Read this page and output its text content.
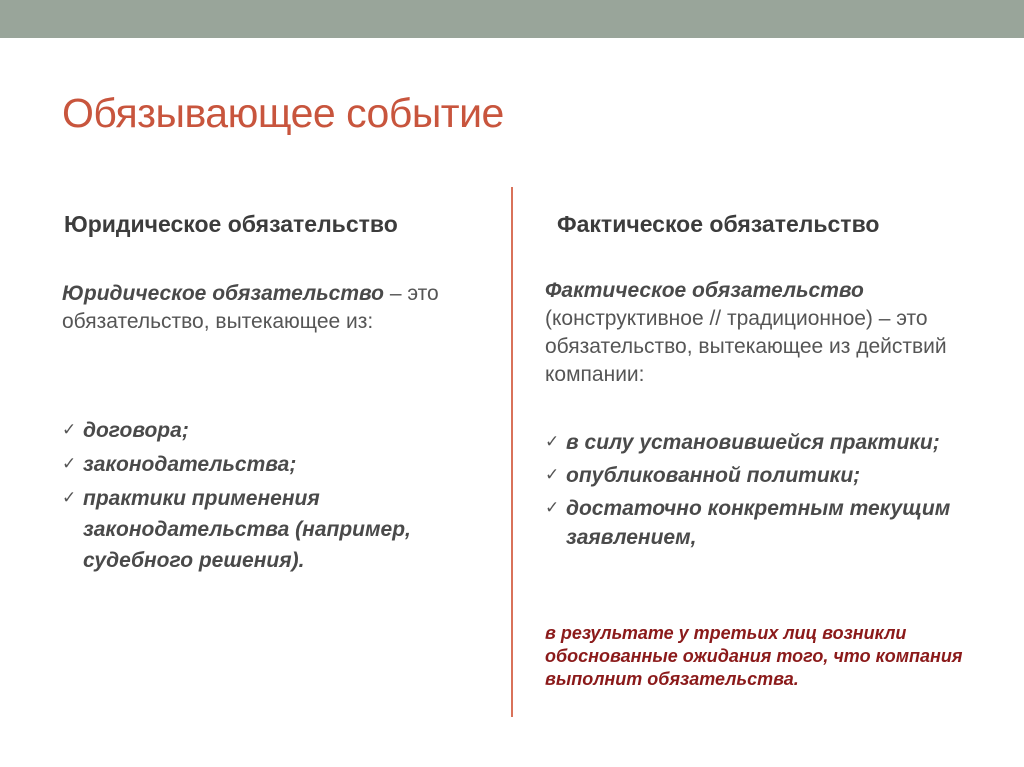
Обязывающее событие
Юридическое обязательство
Юридическое обязательство – это обязательство, вытекающее из:
✓ договора;
✓ законодательства;
✓ практики применения законодательства (например, судебного решения).
Фактическое обязательство
Фактическое обязательство (конструктивное // традиционное) – это обязательство, вытекающее из действий компании:
✓ в силу установившейся практики;
✓ опубликованной политики;
✓ достаточно конкретным текущим заявлением,
в результате у третьих лиц возникли обоснованные ожидания того, что компания выполнит обязательства.
